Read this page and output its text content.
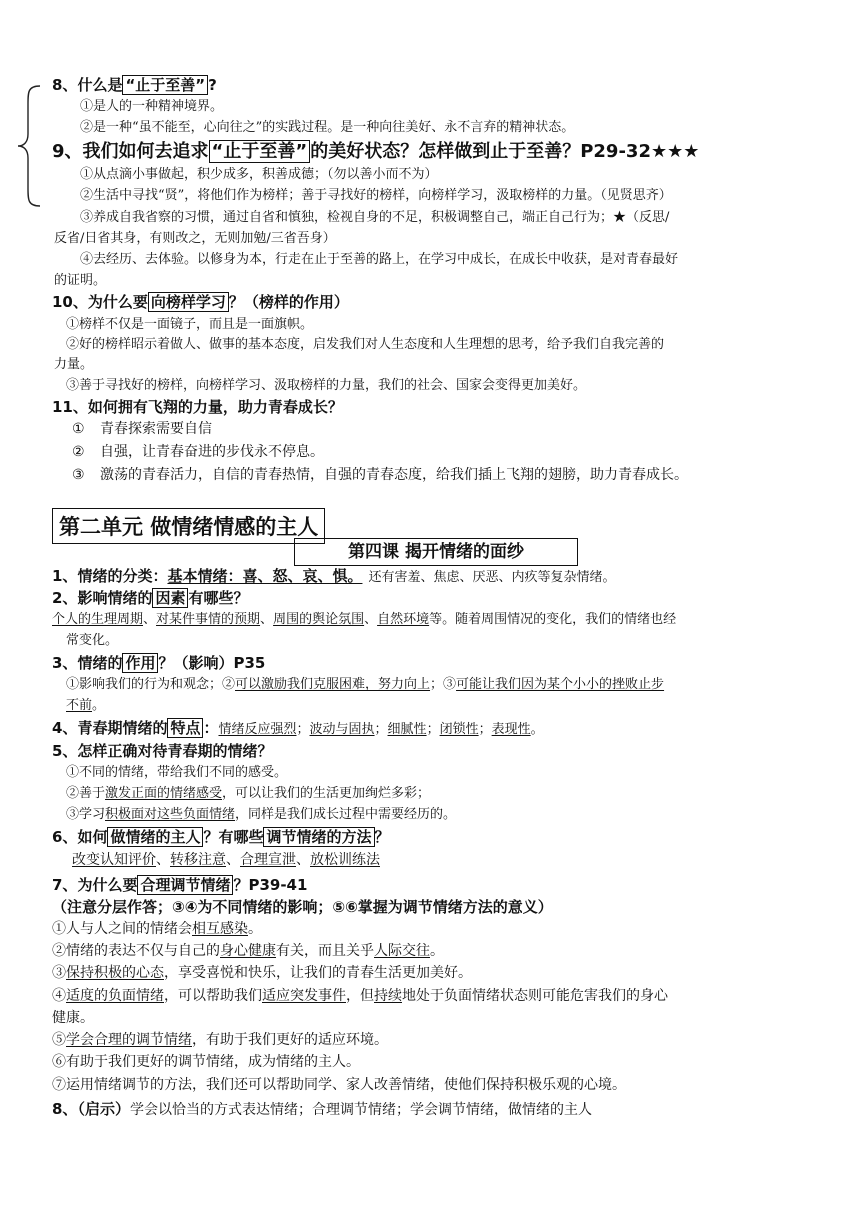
8、什么是 “止于至善” ?
①是人的一种精神境界。
②是一种“虽不能至，心向往之”的实践过程。是一种向往美好、永不言弃的精神状态。
9、我们如何去追求 “止于至善” 的美好状态？怎样做到止于至善？P29-32★★★
①从点滴小事做起，积少成多，积善成德；（勿以善小而不为）
②生活中寻找“贤”，将他们作为榜样；善于寻找好的榜样，向榜样学习，汲取榜样的力量。（见贤思齐）
③养成自我省察的习惯，通过自省和慎独，检视自身的不足，积极调整自己，端正自己行为；★（反思/
反省/日省其身，有则改之，无则加勉/三省吾身）
④去经历、去体验。以修身为本，行走在止于至善的路上，在学习中成长，在成长中收获，是对青春最好
的证明。
10、为什么要 向榜样学习 ？（榜样的作用）
①榜样不仅是一面镜子，而且是一面旗帜。
②好的榜样昭示着做人、做事的基本态度，启发我们对人生态度和人生理想的思考，给予我们自我完善的
力量。
③善于寻找好的榜样，向榜样学习、汲取榜样的力量，我们的社会、国家会变得更加美好。
11、如何拥有飞翔的力量，助力青春成长？
① 青春探索需要自信
② 自强，让青春奋进的步伐永不停息。
③ 激荡的青春活力，自信的青春热情，自强的青春态度，给我们插上飞翔的翅膀，助力青春成长。
第二单元 做情绪情感的主人
第四课 揭开情绪的面纱
1、情绪的分类：基本情绪：喜、怒、哀、惧。 还有害羞、焦虑、厌恶、内疚等复杂情绪。
2、影响情绪的 因素 有哪些？
个人的生理周期、对某件事情的预期、周围的舆论氛围、自然环境等。随着周围情况的变化，我们的情绪也经
常变化。
3、情绪的 作用 ？（影响）P35
①影响我们的行为和观念；②可以激励我们克服困难，努力向上；③可能让我们因为某个小小的挫败止步
不前。
4、青春期情绪的 特点 ：情绪反应强烈；波动与固执；细腻性；闭锁性；表现性。
5、怎样正确对待青春期的情绪？
①不同的情绪，带给我们不同的感受。
②善于激发正面的情绪感受，可以让我们的生活更加绚烂多彩；
③学习积极面对这些负面情绪，同样是我们成长过程中需要经历的。
6、如何 做情绪的主人 ？有哪些 调节情绪的方法 ？
改变认知评价、转移注意、合理宣泄、放松训练法
7、为什么要 合理调节情绪 ？P39-41
（注意分层作答；③④为不同情绪的影响；⑤⑥掌握为调节情绪方法的意义）
①人与人之间的情绪会相互感染。
②情绪的表达不仅与自己的身心健康有关，而且关乎人际交往。
③保持积极的心态，享受喜悦和快乐，让我们的青春生活更加美好。
④适度的负面情绪，可以帮助我们适应突发事件，但持续地处于负面情绪状态则可能危害我们的身心
健康。
⑤学会合理的调节情绪，有助于我们更好的适应环境。
⑥有助于我们更好的调节情绪，成为情绪的主人。
⑦运用情绪调节的方法，我们还可以帮助同学、家人改善情绪，使他们保持积极乐观的心境。
8、（启示）学会以恰当的方式表达情绪；合理调节情绪；学会调节情绪，做情绪的主人
